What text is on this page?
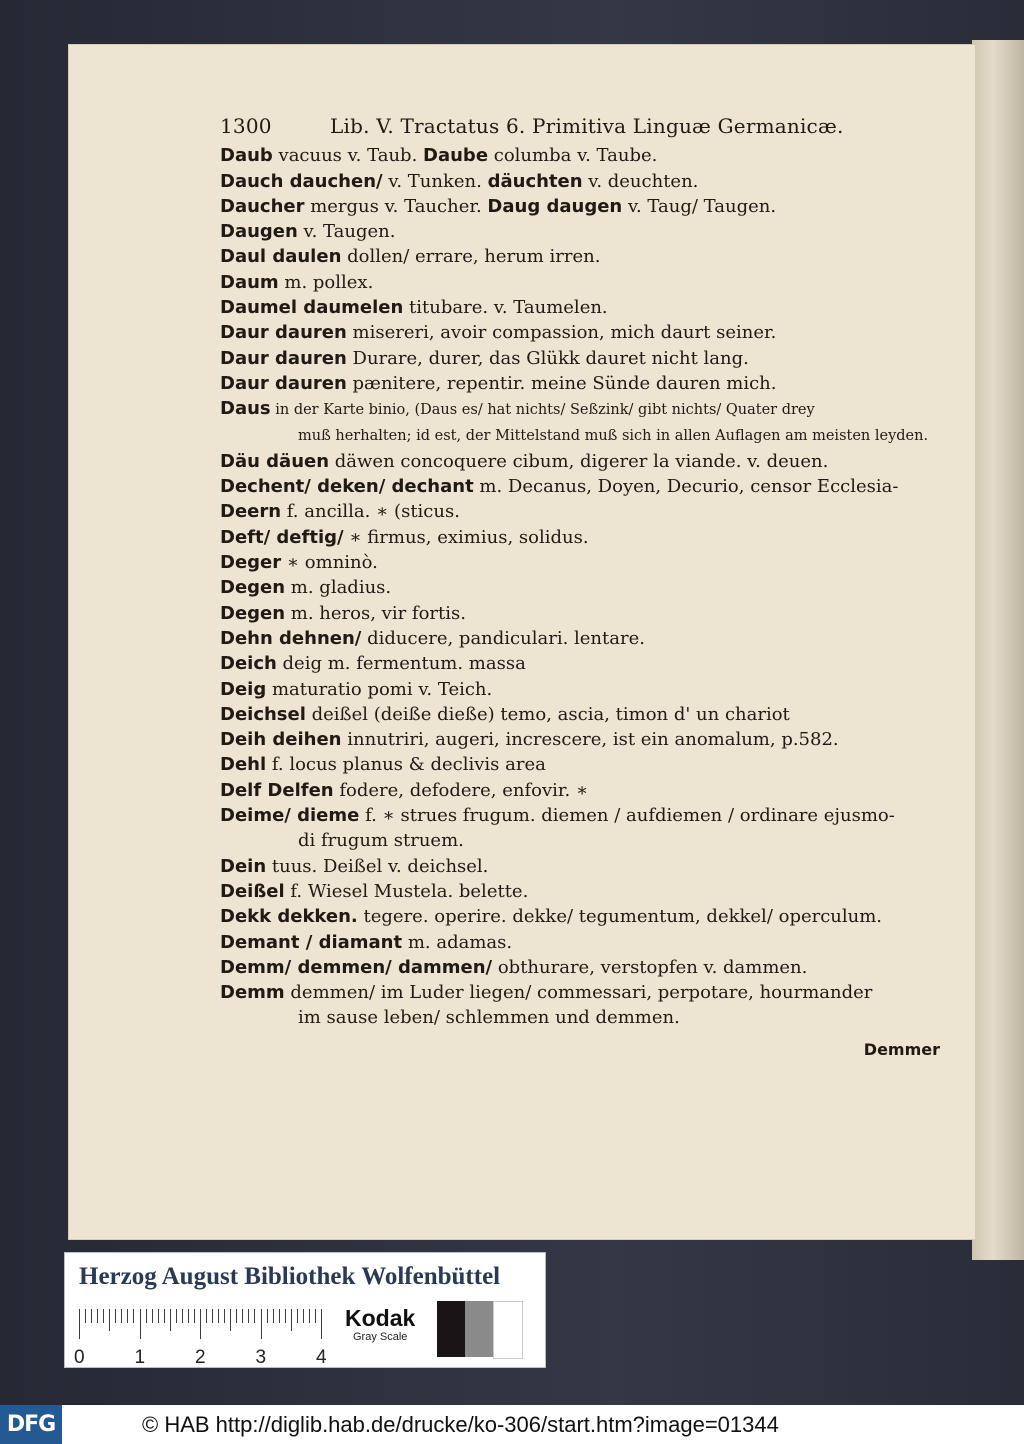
1300	Lib. V. Tractatus 6. Primitiva Linguæ Germanicæ.
Daub vacuus v. Taub. Daube columba v. Taube.
Dauch dauchen/ v. Tunken. däuchten v. deuchten.
Daucher mergus v. Taucher. Daug daugen v. Taug/ Taugen.
Daugen v. Taugen.
Daul daulen dollen/ errare, herum irren.
Daum m. pollex.
Daumel daumelen titubare. v. Taumelen.
Daur dauren misereri, avoir compassion, mich daurt seiner.
Daur dauren Durare, durer, das Glükk dauret nicht lang.
Daur dauren pænitere, repentir. meine Sünde dauren mich.
Daus in der Karte binio, (Daus es/ hat nichts/ Seßzink/ gibt nichts/ Quater drey
muß herhalten; id est, der Mittelstand muß sich in allen Auflagen am meisten leyden.
Däu däuen däwen concoquere cibum, digerer la viande. v. deuen.
Dechent/ deken/ dechant m. Decanus, Doyen, Decurio, censor Ecclesia-
Deern f. ancilla. ∗ (sticus.
Deft/ deftig/ ∗ firmus, eximius, solidus.
Deger ∗ omninò.
Degen m. gladius.
Degen m. heros, vir fortis.
Dehn dehnen/ diducere, pandiculari. lentare.
Deich deig m. fermentum. massa
Deig maturatio pomi v. Teich.
Deichsel deißel (deiße dieße) temo, ascia, timon d' un chariot
Deih deihen innutriri, augeri, increscere, ist ein anomalum, p.582.
Dehl f. locus planus & declivis area
Delf Delfen fodere, defodere, enfovir. ∗
Deime/ dieme f. ∗ strues frugum. diemen / aufdiemen / ordinare ejusmo-
di frugum struem.
Dein tuus. Deißel v. deichsel.
Deißel f. Wiesel Mustela. belette.
Dekk dekken. tegere. operire. dekke/ tegumentum, dekkel/ operculum.
Demant / diamant m. adamas.
Demm/ demmen/ dammen/ obthurare, verstopfen v. dammen.
Demm demmen/ im Luder liegen/ commessari, perpotare, hourmander
im sause leben/ schlemmen und demmen.
Demmer
Herzog August Bibliothek Wolfenbüttel
0	1	2	3	4
Kodak
Gray Scale
DFG	© HAB http://diglib.hab.de/drucke/ko-306/start.htm?image=01344
